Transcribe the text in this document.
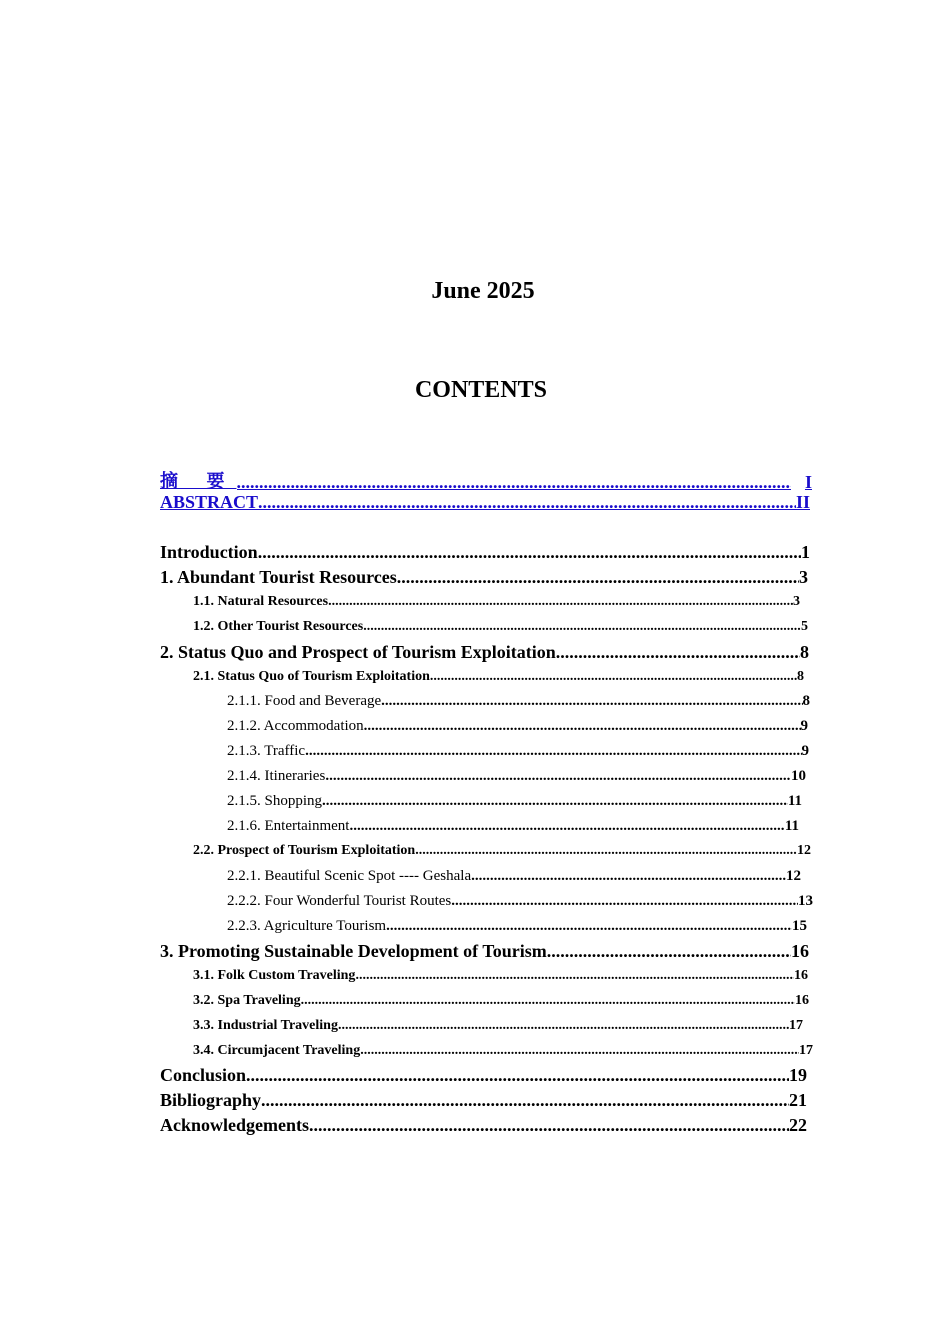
June 2025
CONTENTS
摘 要 .....	I
ABSTRACT .....	II
Introduction .....	1
1. Abundant Tourist Resources .....	3
1.1. Natural Resources .....	3
1.2. Other Tourist Resources .....	5
2. Status Quo and Prospect of Tourism Exploitation .....	8
2.1. Status Quo of Tourism Exploitation .....	8
2.1.1. Food and Beverage .....	8
2.1.2. Accommodation .....	9
2.1.3. Traffic .....	9
2.1.4. Itineraries .....	10
2.1.5. Shopping .....	11
2.1.6. Entertainment .....	11
2.2. Prospect of Tourism Exploitation .....	12
2.2.1. Beautiful Scenic Spot ---- Geshala .....	12
2.2.2. Four Wonderful Tourist Routes .....	13
2.2.3. Agriculture Tourism .....	15
3. Promoting Sustainable Development of Tourism .....	16
3.1. Folk Custom Traveling .....	16
3.2. Spa Traveling .....	16
3.3. Industrial Traveling .....	17
3.4. Circumjacent Traveling .....	17
Conclusion .....	19
Bibliography .....	21
Acknowledgements .....	22
